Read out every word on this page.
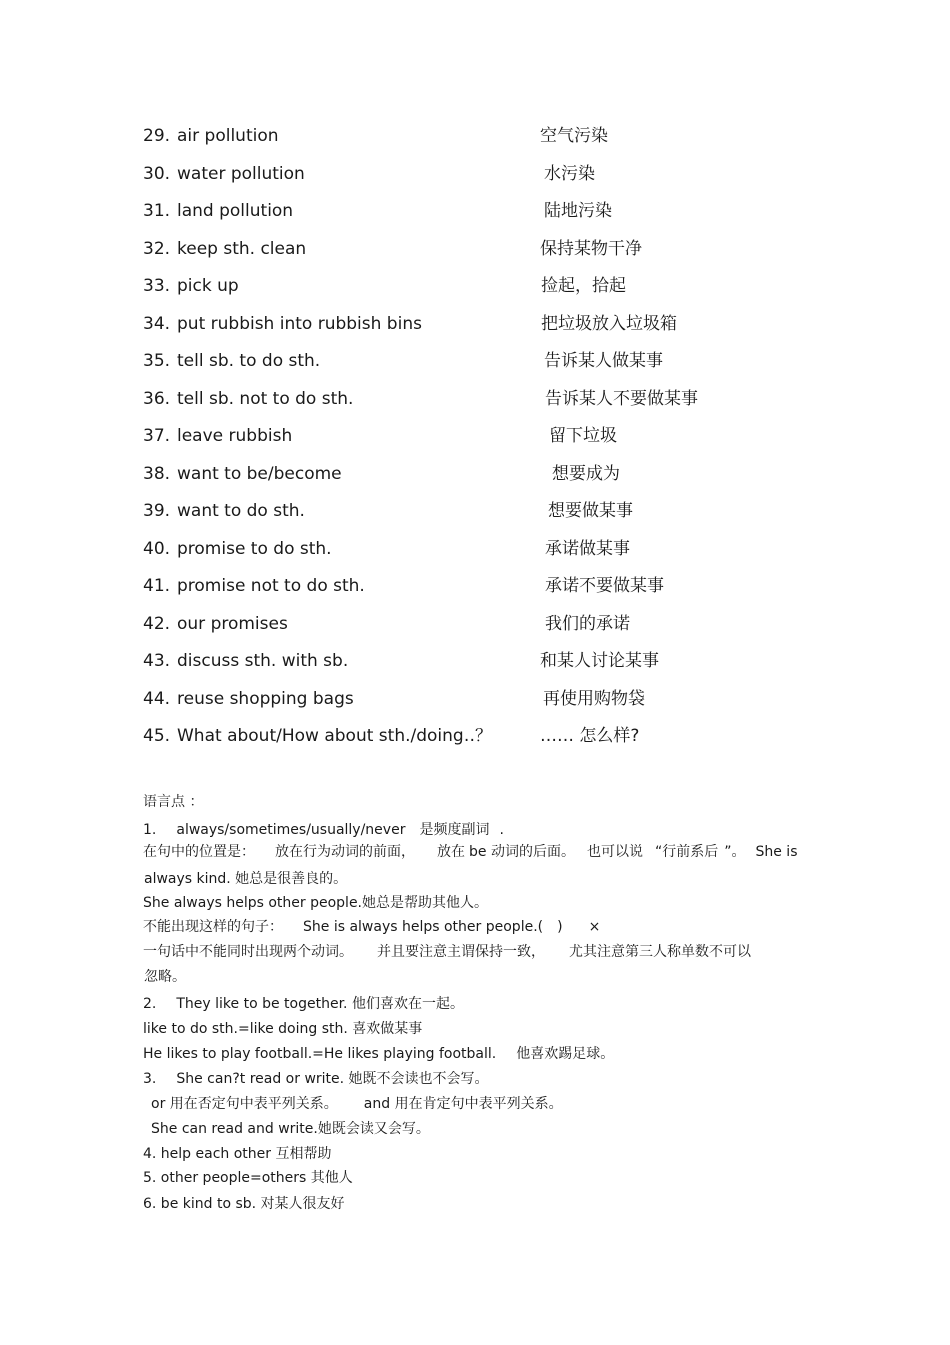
29. air pollution	空气污染
30. water pollution	水污染
31. land pollution	陆地污染
32. keep sth. clean	保持某物干净
33. pick up	捡起，拾起
34. put rubbish into rubbish bins	把垃圾放入垃圾箱
35. tell sb. to do sth.	告诉某人做某事
36. tell sb. not to do sth.	告诉某人不要做某事
37. leave rubbish	留下垃圾
38. want to be/become	想要成为
39. want to do sth.	想要做某事
40. promise to do sth.	承诺做某事
41. promise not to do sth.	承诺不要做某事
42. our promises	我们的承诺
43. discuss sth. with sb.	和某人讨论某事
44. reuse shopping bags	再使用购物袋
45. What about/How about sth./doing‥？	…… 怎么样?
语言点 ：
1. always/sometimes/usually/never 是频度副词 .
在句中的位置是： 放在行为动词的前面， 放在 be 动词的后面。 也可以说 “行前系后 ”。 She is
always kind. 她总是很善良的。
She always helps other people.她总是帮助其他人。
不能出现这样的句子： She is always helps other people.( ) ×
一句话中不能同时出现两个动词。 并且要注意主谓保持一致， 尤其注意第三人称单数不可以
忽略。
2. They like to be together. 他们喜欢在一起。
like to do sth.=like doing sth. 喜欢做某事
He likes to play football.=He likes playing football. 他喜欢踢足球。
3. She can?t read or write. 她既不会读也不会写。
or 用在否定句中表平列关系。 and 用在肯定句中表平列关系。
She can read and write.她既会读又会写。
4. help each other 互相帮助
5. other people=others 其他人
6. be kind to sb. 对某人很友好
